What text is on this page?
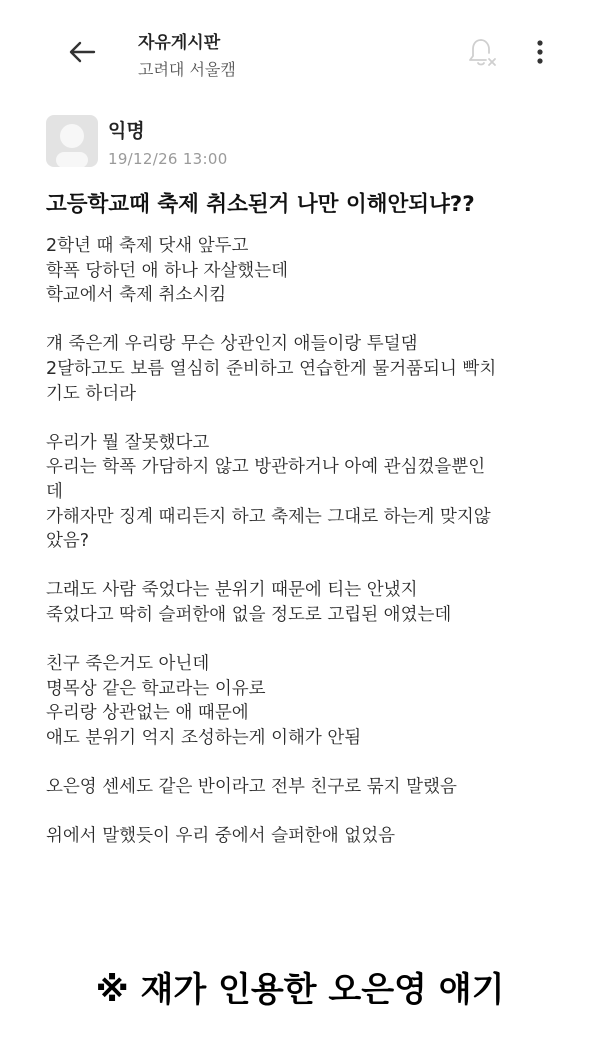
자유게시판
고려대 서울캠
익명
19/12/26 13:00
고등학교때 축제 취소된거 나만 이해안되냐??
2학년 때 축제 닷새 앞두고
학폭 당하던 애 하나 자살했는데
학교에서 축제 취소시킴
걔 죽은게 우리랑 무슨 상관인지 애들이랑 투덜댐
2달하고도 보름 열심히 준비하고 연습한게 물거품되니 빡치
기도 하더라
우리가 뭘 잘못했다고
우리는 학폭 가담하지 않고 방관하거나 아예 관심껐을뿐인
데
가해자만 징계 때리든지 하고 축제는 그대로 하는게 맞지않
았음?
그래도 사람 죽었다는 분위기 때문에 티는 안냈지
죽었다고 딱히 슬퍼한애 없을 정도로 고립된 애였는데
친구 죽은거도 아닌데
명목상 같은 학교라는 이유로
우리랑 상관없는 애 때문에
애도 분위기 억지 조성하는게 이해가 안됨
오은영 센세도 같은 반이라고 전부 친구로 묶지 말랬음
위에서 말했듯이 우리 중에서 슬퍼한애 없었음
※ 쟤가 인용한 오은영 얘기
